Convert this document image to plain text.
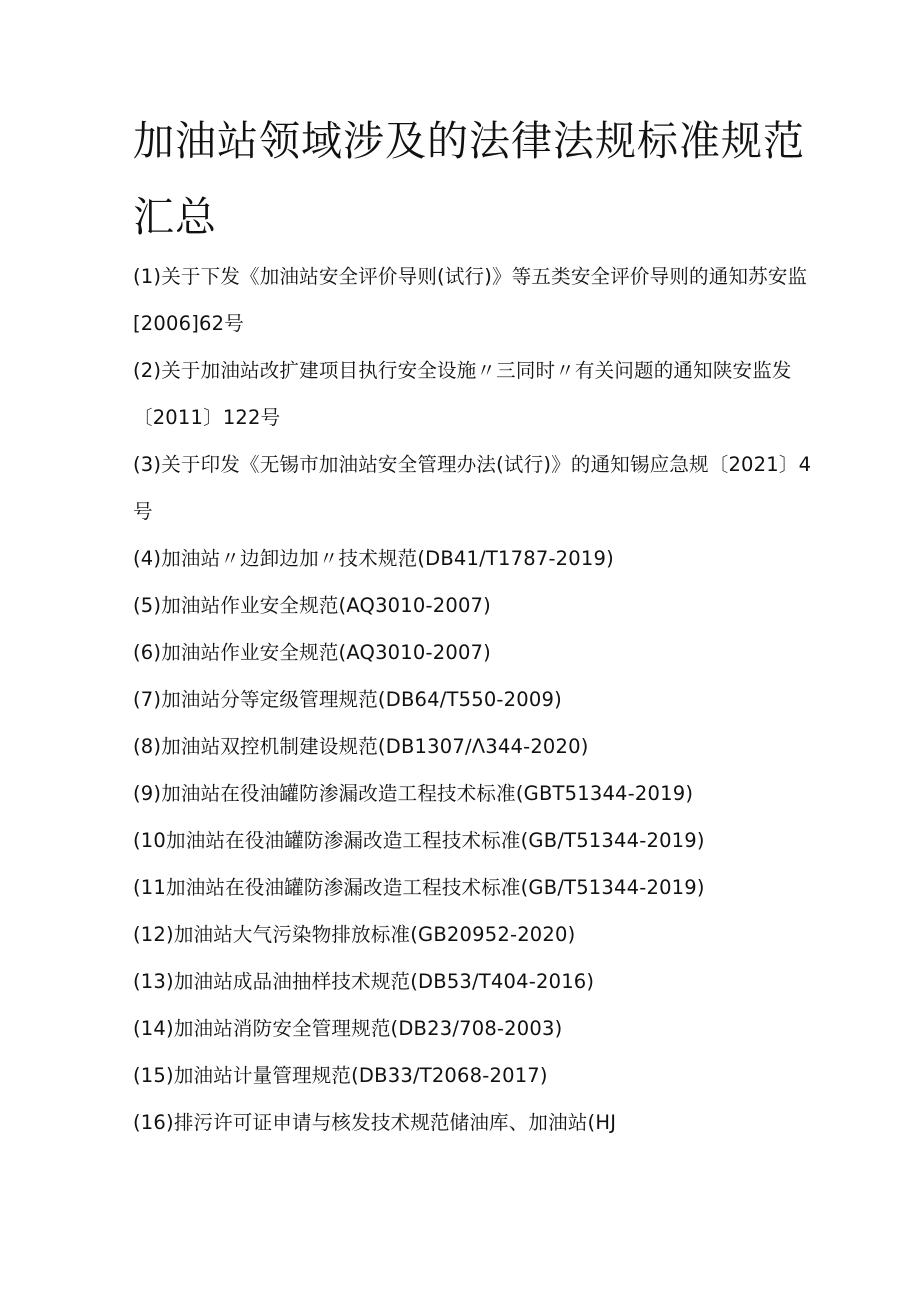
加油站领域涉及的法律法规标准规范汇总
(1)关于下发《加油站安全评价导则(试行)》等五类安全评价导则的通知苏安监[2006]62号
(2)关于加油站改扩建项目执行安全设施〃三同时〃有关问题的通知陕安监发〔2011〕122号
(3)关于印发《无锡市加油站安全管理办法(试行)》的通知锡应急规〔2021〕4号
(4)加油站〃边卸边加〃技术规范(DB41/T1787-2019)
(5)加油站作业安全规范(AQ3010-2007)
(6)加油站作业安全规范(AQ3010-2007)
(7)加油站分等定级管理规范(DB64/T550-2009)
(8)加油站双控机制建设规范(DB1307∕Λ344-2020)
(9)加油站在役油罐防渗漏改造工程技术标准(GBT51344-2019)
(10加油站在役油罐防渗漏改造工程技术标准(GB/T51344-2019)
(11加油站在役油罐防渗漏改造工程技术标准(GB/T51344-2019)
(12)加油站大气污染物排放标准(GB20952-2020)
(13)加油站成品油抽样技术规范(DB53/T404-2016)
(14)加油站消防安全管理规范(DB23/708-2003)
(15)加油站计量管理规范(DB33/T2068-2017)
(16)排污许可证申请与核发技术规范储油库、加油站(HJ
